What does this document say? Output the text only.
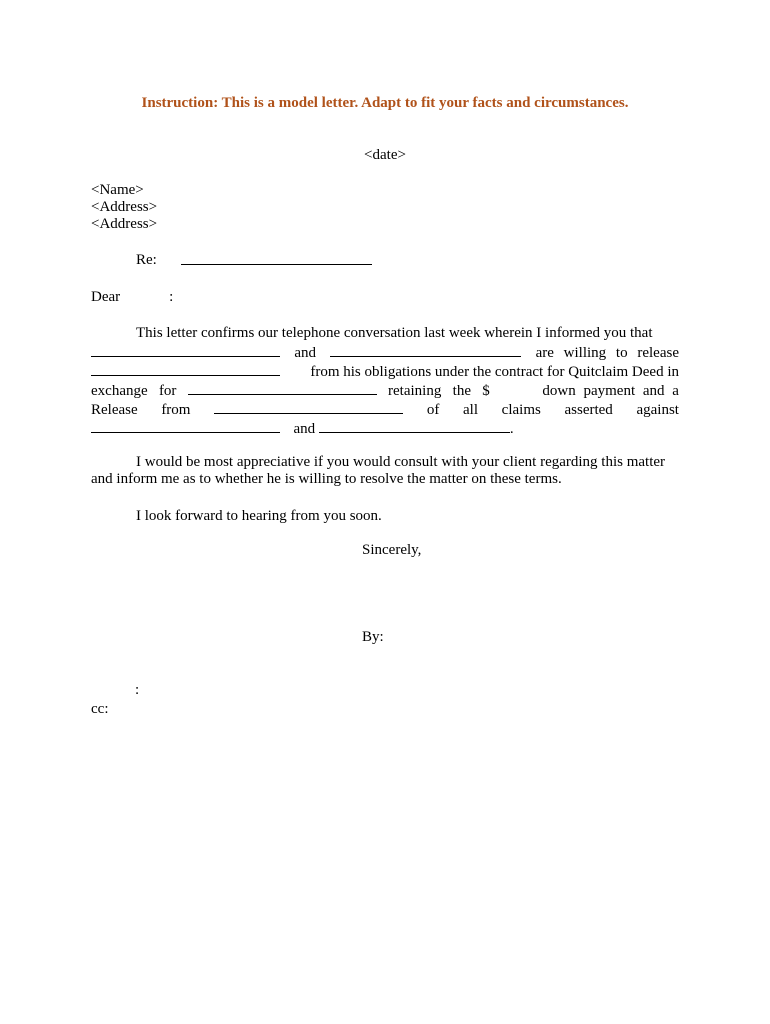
Instruction: This is a model letter. Adapt to fit your facts and circumstances.
<date>
<Name>
<Address>
<Address>
Re:
Dear	:
This letter confirms our telephone conversation last week wherein I informed you that
and	are willing to release
from his obligations under the contract for Quitclaim Deed in
exchange for	retaining the $	down payment and a
Release from	of all claims asserted against
and	.
I would be most appreciative if you would consult with your client regarding this matter and inform me as to whether he is willing to resolve the matter on these terms.
I look forward to hearing from you soon.
Sincerely,
By:
:
cc:
